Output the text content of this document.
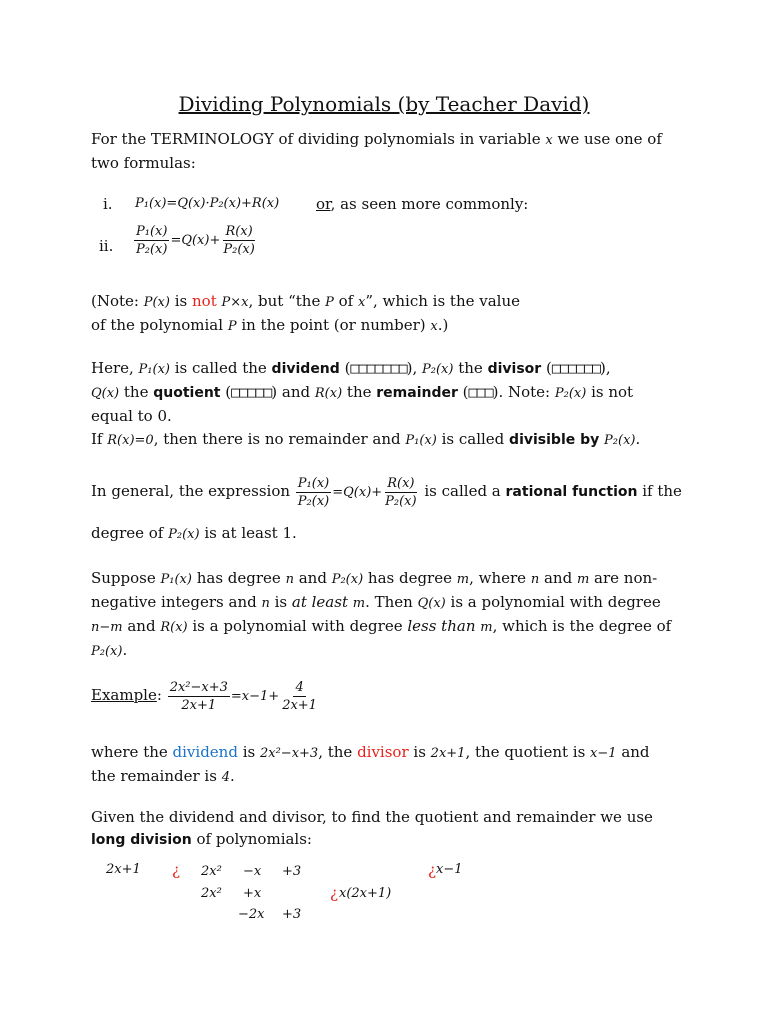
Dividing Polynomials (by Teacher David)
For the TERMINOLOGY of dividing polynomials in variable x we use one of
two formulas:
i. P₁(x)=Q(x)·P₂(x)+R(x) or, as seen more commonly:
ii. $\frac{\text{P₁(x)}}{\text{P₂(x)}} =Q(x)+ \frac{R(x)}{\text{P₂(x)}}$
(Note: P(x) is not P×x, but “the P of x”, which is the value
of the polynomial P in the point (or number) x.)
Here, P₁(x) is called the dividend (□□□□□□□), P₂(x) the divisor (□□□□□□),
Q(x) the quotient (□□□□□) and R(x) the remainder (□□□). Note: P₂(x) is not
equal to 0.
If R(x)=0, then there is no remainder and P₁(x) is called divisible by P₂(x).
In general, the expression $\frac{\text{P₁(x)}}{\text{P₂(x)}} =Q(x)+ \frac{R(x)}{\text{P₂(x)}}$ is called a rational function if the
degree of P₂(x) is at least 1.
Suppose P₁(x) has degree n and P₂(x) has degree m, where n and m are non-
negative integers and n is at least m. Then Q(x) is a polynomial with degree
n−m and R(x) is a polynomial with degree less than m, which is the degree of
P₂(x).
Example: $\frac{\text{2x²−x+3}}{2x+1} =x-1+ \frac{4}{2x+1}$
where the dividend is 2x²−x+3, the divisor is 2x+1, the quotient is x−1 and
the remainder is 4.
Given the dividend and divisor, to find the quotient and remainder we use
long division of polynomials:
2x+1 ¿ 2x² −x +3	¿ x−1
2x² +x	¿ x(2x+1)
−2x +3
